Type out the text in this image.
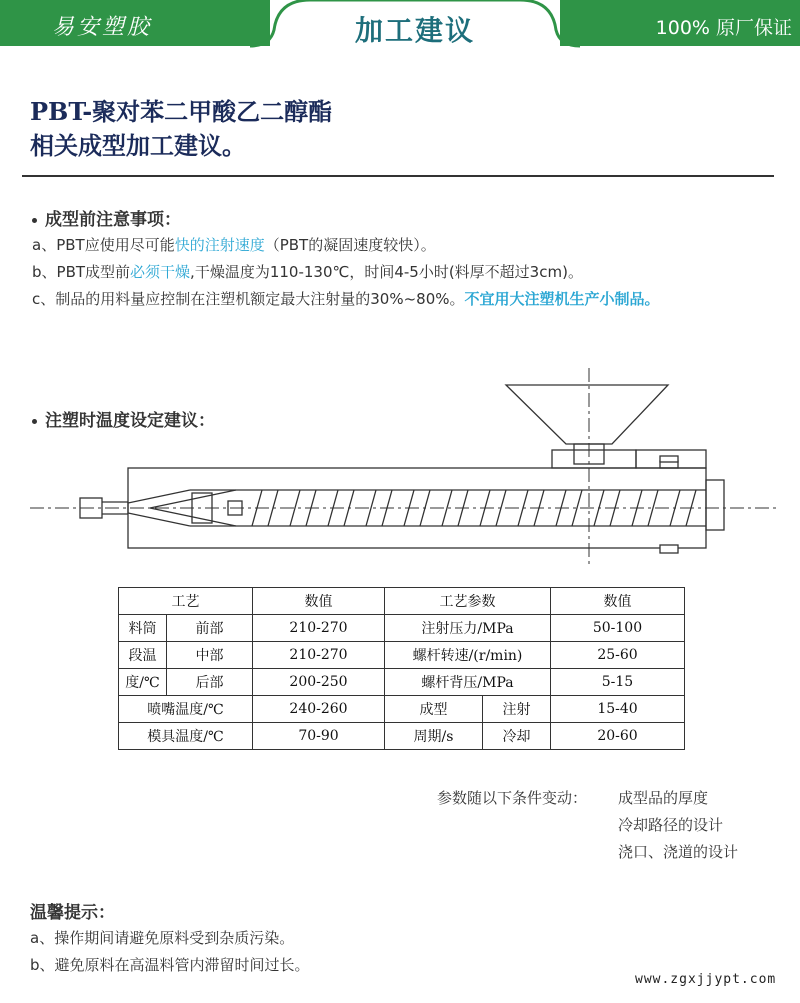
易安塑胶	加工建议	100% 原厂保证
PBT-聚对苯二甲酸乙二醇酯
相关成型加工建议。
成型前注意事项：
a、PBT应使用尽可能快的注射速度（PBT的凝固速度较快）。
b、PBT成型前必须干燥,干燥温度为110-130℃，时间4-5小时(料厚不超过3cm)。
c、制品的用料量应控制在注塑机额定最大注射量的30%~80%。不宜用大注塑机生产小制品。
注塑时温度设定建议：
工艺		数值	工艺参数		数值
料筒	前部	210-270	注射压力/MPa		50-100
段温	中部	210-270	螺杆转速/(r/min)		25-60
度/℃	后部	200-250	螺杆背压/MPa		5-15
喷嘴温度/℃		240-260	成型	注射	15-40
模具温度/℃		70-90	周期/s	冷却	20-60
参数随以下条件变动： 成型品的厚度
冷却路径的设计
浇口、浇道的设计
温馨提示：
a、操作期间请避免原料受到杂质污染。
b、避免原料在高温料管内滞留时间过长。
www.zgxjjypt.com
